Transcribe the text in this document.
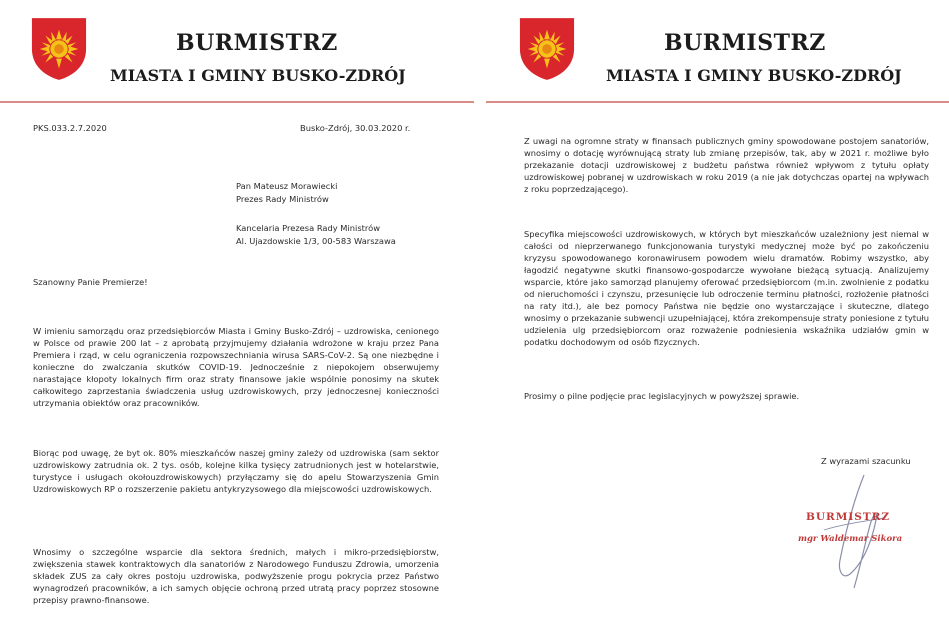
BURMISTRZ
MIASTA I GMINY BUSKO-ZDRÓJ
PKS.033.2.7.2020	Busko-Zdrój, 30.03.2020 r.
Pan Mateusz Morawiecki
Prezes Rady Ministrów
Kancelaria Prezesa Rady Ministrów
Al. Ujazdowskie 1/3, 00-583 Warszawa
Szanowny Panie Premierze!
W imieniu samorządu oraz przedsiębiorców Miasta i Gminy Busko-Zdrój – uzdrowiska, cenionego w Polsce od prawie 200 lat – z aprobatą przyjmujemy działania wdrożone w kraju przez Pana Premiera i rząd, w celu ograniczenia rozpowszechniania wirusa SARS-CoV-2. Są one niezbędne i konieczne do zwalczania skutków COVID-19. Jednocześnie z niepokojem obserwujemy narastające kłopoty lokalnych firm oraz straty finansowe jakie wspólnie ponosimy na skutek całkowitego zaprzestania świadczenia usług uzdrowiskowych, przy jednoczesnej konieczności utrzymania obiektów oraz pracowników.
Biorąc pod uwagę, że byt ok. 80% mieszkańców naszej gminy zależy od uzdrowiska (sam sektor uzdrowiskowy zatrudnia ok. 2 tys. osób, kolejne kilka tysięcy zatrudnionych jest w hotelarstwie, turystyce i usługach okołouzdrowiskowych) przyłączamy się do apelu Stowarzyszenia Gmin Uzdrowiskowych RP o rozszerzenie pakietu antykryzysowego dla miejscowości uzdrowiskowych.
Wnosimy o szczególne wsparcie dla sektora średnich, małych i mikro-przedsiębiorstw, zwiększenia stawek kontraktowych dla sanatoriów z Narodowego Funduszu Zdrowia, umorzenia składek ZUS za cały okres postoju uzdrowiska, podwyższenie progu pokrycia przez Państwo wynagrodzeń pracowników, a ich samych objęcie ochroną przed utratą pracy poprzez stosowne przepisy prawno-finansowe.
BURMISTRZ
MIASTA I GMINY BUSKO-ZDRÓJ
Z uwagi na ogromne straty w finansach publicznych gminy spowodowane postojem sanatoriów, wnosimy o dotację wyrównującą straty lub zmianę przepisów, tak, aby w 2021 r. możliwe było przekazanie dotacji uzdrowiskowej z budżetu państwa również wpływom z tytułu opłaty uzdrowiskowej pobranej w uzdrowiskach w roku 2019 (a nie jak dotychczas opartej na wpływach z roku poprzedzającego).
Specyfika miejscowości uzdrowiskowych, w których byt mieszkańców uzależniony jest niemal w całości od nieprzerwanego funkcjonowania turystyki medycznej może być po zakończeniu kryzysu spowodowanego koronawirusem powodem wielu dramatów. Robimy wszystko, aby łagodzić negatywne skutki finansowo-gospodarcze wywołane bieżącą sytuacją. Analizujemy wsparcie, które jako samorząd planujemy oferować przedsiębiorcom (m.in. zwolnienie z podatku od nieruchomości i czynszu, przesunięcie lub odroczenie terminu płatności, rozłożenie płatności na raty itd.), ale bez pomocy Państwa nie będzie ono wystarczające i skuteczne, dlatego wnosimy o przekazanie subwencji uzupełniającej, która zrekompensuje straty poniesione z tytułu udzielenia ulg przedsiębiorcom oraz rozważenie podniesienia wskaźnika udziałów gmin w podatku dochodowym od osób fizycznych.
Prosimy o pilne podjęcie prac legislacyjnych w powyższej sprawie.
Z wyrazami szacunku
BURMISTRZ
mgr Waldemar Sikora
